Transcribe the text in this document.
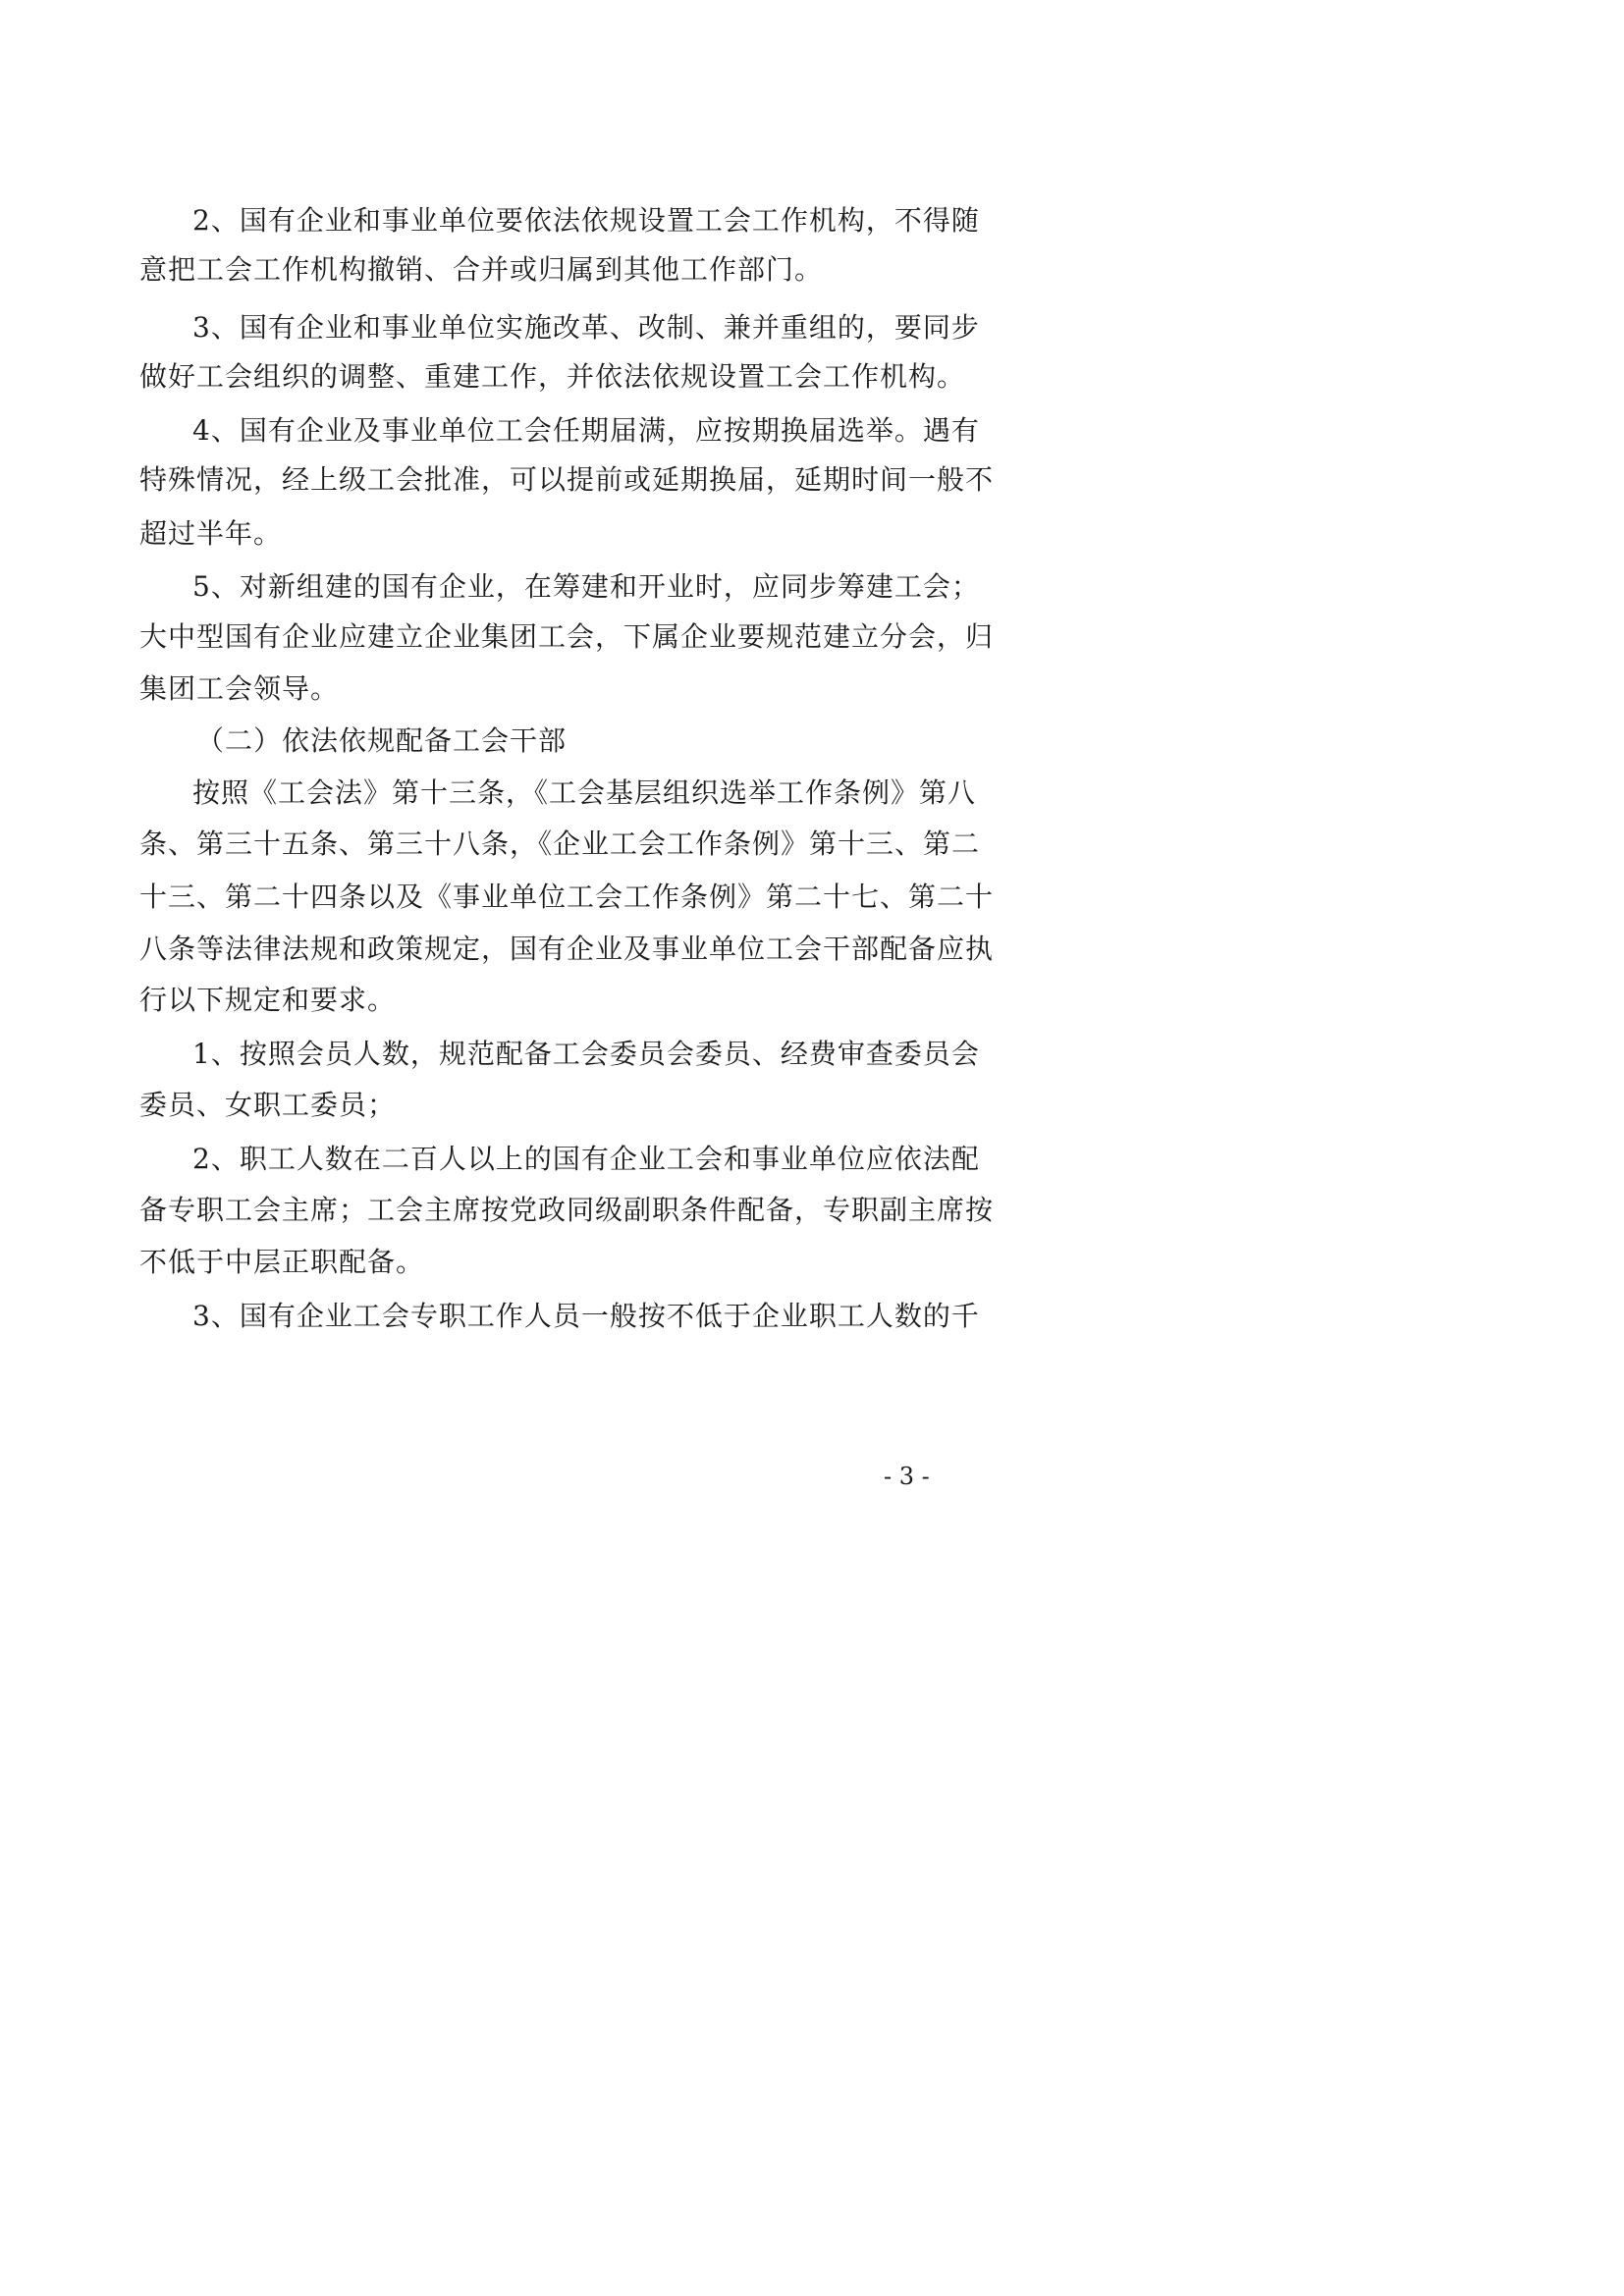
2、国有企业和事业单位要依法依规设置工会工作机构，不得随
意把工会工作机构撤销、合并或归属到其他工作部门。
3、国有企业和事业单位实施改革、改制、兼并重组的，要同步
做好工会组织的调整、重建工作，并依法依规设置工会工作机构。
4、国有企业及事业单位工会任期届满，应按期换届选举。遇有
特殊情况，经上级工会批准，可以提前或延期换届，延期时间一般不
超过半年。
5、对新组建的国有企业，在筹建和开业时，应同步筹建工会；
大中型国有企业应建立企业集团工会，下属企业要规范建立分会，归
集团工会领导。
（二）依法依规配备工会干部
按照《工会法》第十三条，《工会基层组织选举工作条例》第八
条、第三十五条、第三十八条，《企业工会工作条例》第十三、第二
十三、第二十四条以及《事业单位工会工作条例》第二十七、第二十
八条等法律法规和政策规定，国有企业及事业单位工会干部配备应执
行以下规定和要求。
1、按照会员人数，规范配备工会委员会委员、经费审查委员会
委员、女职工委员；
2、职工人数在二百人以上的国有企业工会和事业单位应依法配
备专职工会主席；工会主席按党政同级副职条件配备，专职副主席按
不低于中层正职配备。
3、国有企业工会专职工作人员一般按不低于企业职工人数的千
- 3 -
